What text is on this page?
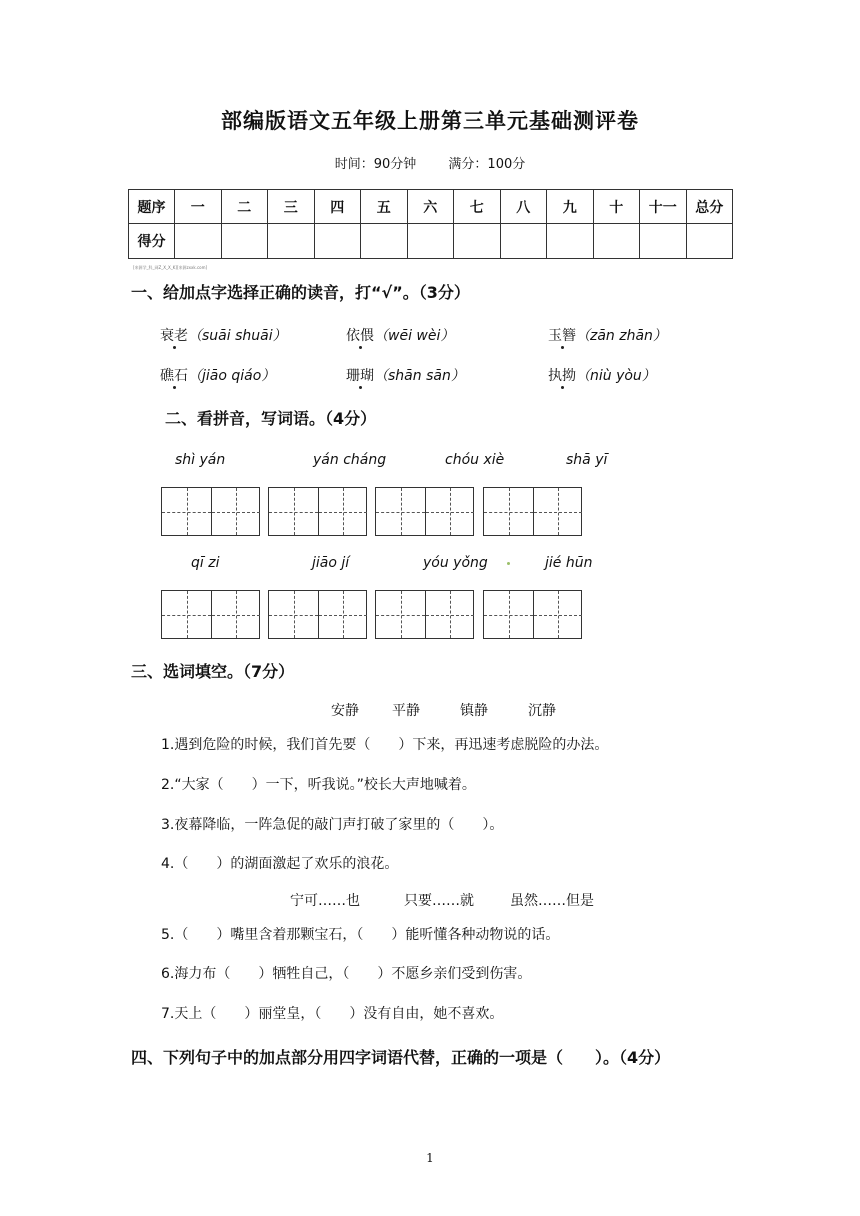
部编版语文五年级上册第三单元基础测评卷
时间：90分钟 满分：100分
题序	一	二	三	四	五	六	七	八	九	十	十一	总分
得分												
[来源学_科_网Z_X_X_K][来源zxxk.com]
一、给加点字选择正确的读音，打“√”。（3分）
衰老（suāi shuāi）	依偎（wēi wèi）	玉簪（zān zhān）
礁石（jiāo qiáo）	珊瑚（shān sān）	执拗（niù yòu）
二、看拼音，写词语。（4分）
shì yán	yán cháng	chóu xiè	shā yī
qī zi	jiāo jí	yóu yǒng	jié hūn
三、选词填空。（7分）
安静 平静	镇静	沉静
1.遇到危险的时候，我们首先要（　　）下来，再迅速考虑脱险的办法。
2.“大家（　　）一下，听我说。”校长大声地喊着。
3.夜幕降临，一阵急促的敲门声打破了家里的（　　）。
4.（　　）的湖面激起了欢乐的浪花。
宁可……也	只要……就	虽然……但是
5.（　　）嘴里含着那颗宝石，（　　）能听懂各种动物说的话。
6.海力布（　　）牺牲自己，（　　）不愿乡亲们受到伤害。
7.天上（　　）丽堂皇，（　　）没有自由，她不喜欢。
四、下列句子中的加点部分用四字词语代替，正确的一项是（　　）。（4分）
1
